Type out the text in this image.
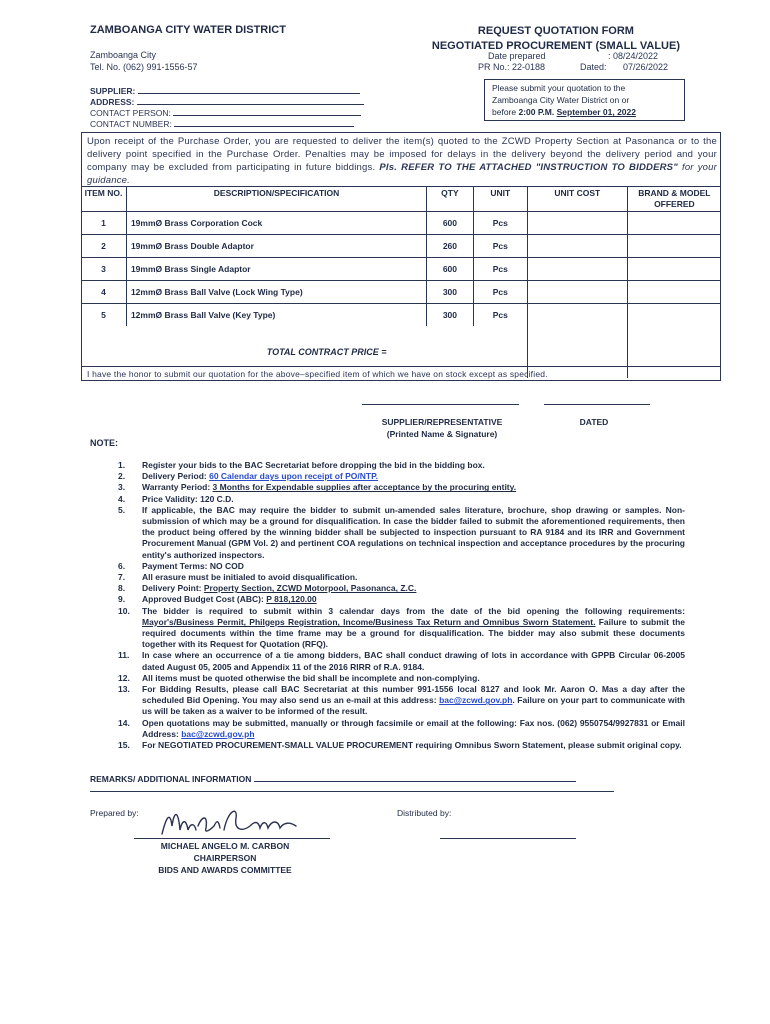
ZAMBOANGA CITY WATER DISTRICT
Zamboanga City
Tel. No. (062) 991-1556-57
REQUEST QUOTATION FORM
NEGOTIATED PROCUREMENT (SMALL VALUE)
Date prepared	: 08/24/2022
PR No.: 22-0188	Dated: 07/26/2022
SUPPLIER:
ADDRESS:
CONTACT PERSON:
CONTACT NUMBER:
Please submit your quotation to the
Zamboanga City Water District on or
before 2:00 P.M. September 01, 2022
Upon receipt of the Purchase Order, you are requested to deliver the item(s) quoted to the ZCWD Property Section at Pasonanca or to the delivery point specified in the Purchase Order. Penalties may be imposed for delays in the delivery beyond the delivery period and your company may be excluded from participating in future biddings. Pls. REFER TO THE ATTACHED "INSTRUCTION TO BIDDERS" for your guidance.
ITEM NO.	DESCRIPTION/SPECIFICATION	QTY	UNIT	UNIT COST	BRAND & MODEL OFFERED
1	19mmØ Brass Corporation Cock	600	Pcs		
2	19mmØ Brass Double Adaptor	260	Pcs		
3	19mmØ Brass Single Adaptor	600	Pcs		
4	12mmØ Brass Ball Valve (Lock Wing Type)	300	Pcs		
5	12mmØ Brass Ball Valve (Key Type)	300	Pcs		
	TOTAL CONTRACT PRICE =				
I have the honor to submit our quotation for the above–specified item of which we have on stock except as specified.
SUPPLIER/REPRESENTATIVE
(Printed Name & Signature)
DATED
NOTE:
1.	Register your bids to the BAC Secretariat before dropping the bid in the bidding box.
2.	Delivery Period: 60 Calendar days upon receipt of PO/NTP.
3.	Warranty Period: 3 Months for Expendable supplies after acceptance by the procuring entity.
4.	Price Validity: 120 C.D.
5.	If applicable, the BAC may require the bidder to submit un-amended sales literature, brochure, shop drawing or samples. Non-submission of which may be a ground for disqualification. In case the bidder failed to submit the aforementioned requirements, then the product being offered by the winning bidder shall be subjected to inspection pursuant to RA 9184 and its IRR and Government Procurement Manual (GPM Vol. 2) and pertinent COA regulations on technical inspection and acceptance procedures by the procuring entity's authorized inspectors.
6.	Payment Terms: NO COD
7.	All erasure must be initialed to avoid disqualification.
8.	Delivery Point: Property Section, ZCWD Motorpool, Pasonanca, Z.C.
9.	Approved Budget Cost (ABC): P 818,120.00
10.	The bidder is required to submit within 3 calendar days from the date of the bid opening the following requirements: Mayor's/Business Permit, Philgeps Registration, Income/Business Tax Return and Omnibus Sworn Statement. Failure to submit the required documents within the time frame may be a ground for disqualification. The bidder may also submit these documents together with its Request for Quotation (RFQ).
11.	In case where an occurrence of a tie among bidders, BAC shall conduct drawing of lots in accordance with GPPB Circular 06-2005 dated August 05, 2005 and Appendix 11 of the 2016 RIRR of R.A. 9184.
12.	All items must be quoted otherwise the bid shall be incomplete and non-complying.
13.	For Bidding Results, please call BAC Secretariat at this number 991-1556 local 8127 and look Mr. Aaron O. Mas a day after the scheduled Bid Opening. You may also send us an e-mail at this address: bac@zcwd.gov.ph. Failure on your part to communicate with us will be taken as a waiver to be informed of the result.
14.	Open quotations may be submitted, manually or through facsimile or email at the following: Fax nos. (062) 9550754/9927831 or Email Address: bac@zcwd.gov.ph
15.	For NEGOTIATED PROCUREMENT-SMALL VALUE PROCUREMENT requiring Omnibus Sworn Statement, please submit original copy.
REMARKS/ ADDITIONAL INFORMATION
Prepared by:	Distributed by:
MICHAEL ANGELO M. CARBON
CHAIRPERSON
BIDS AND AWARDS COMMITTEE
